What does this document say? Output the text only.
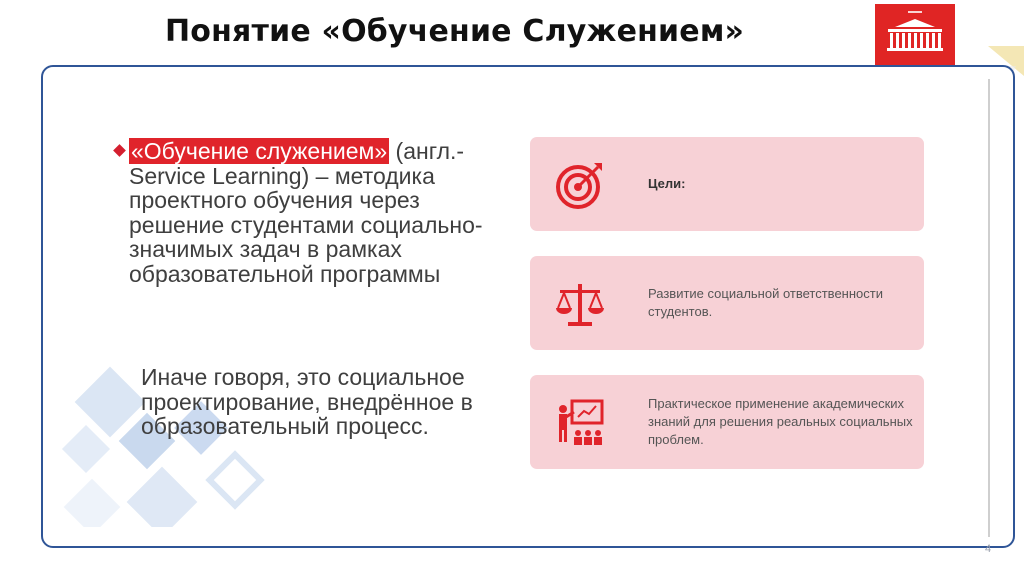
Понятие «Обучение Служением»
«Обучение служением» (англ.- Service Learning) – методика проектного обучения через решение студентами социально-значимых задач в рамках образовательной программы
Иначе говоря, это социальное проектирование, внедрённое в образовательный процесс.
Цели:
Развитие социальной ответственности студентов.
Практическое применение академических знаний для решения реальных социальных проблем.
4
